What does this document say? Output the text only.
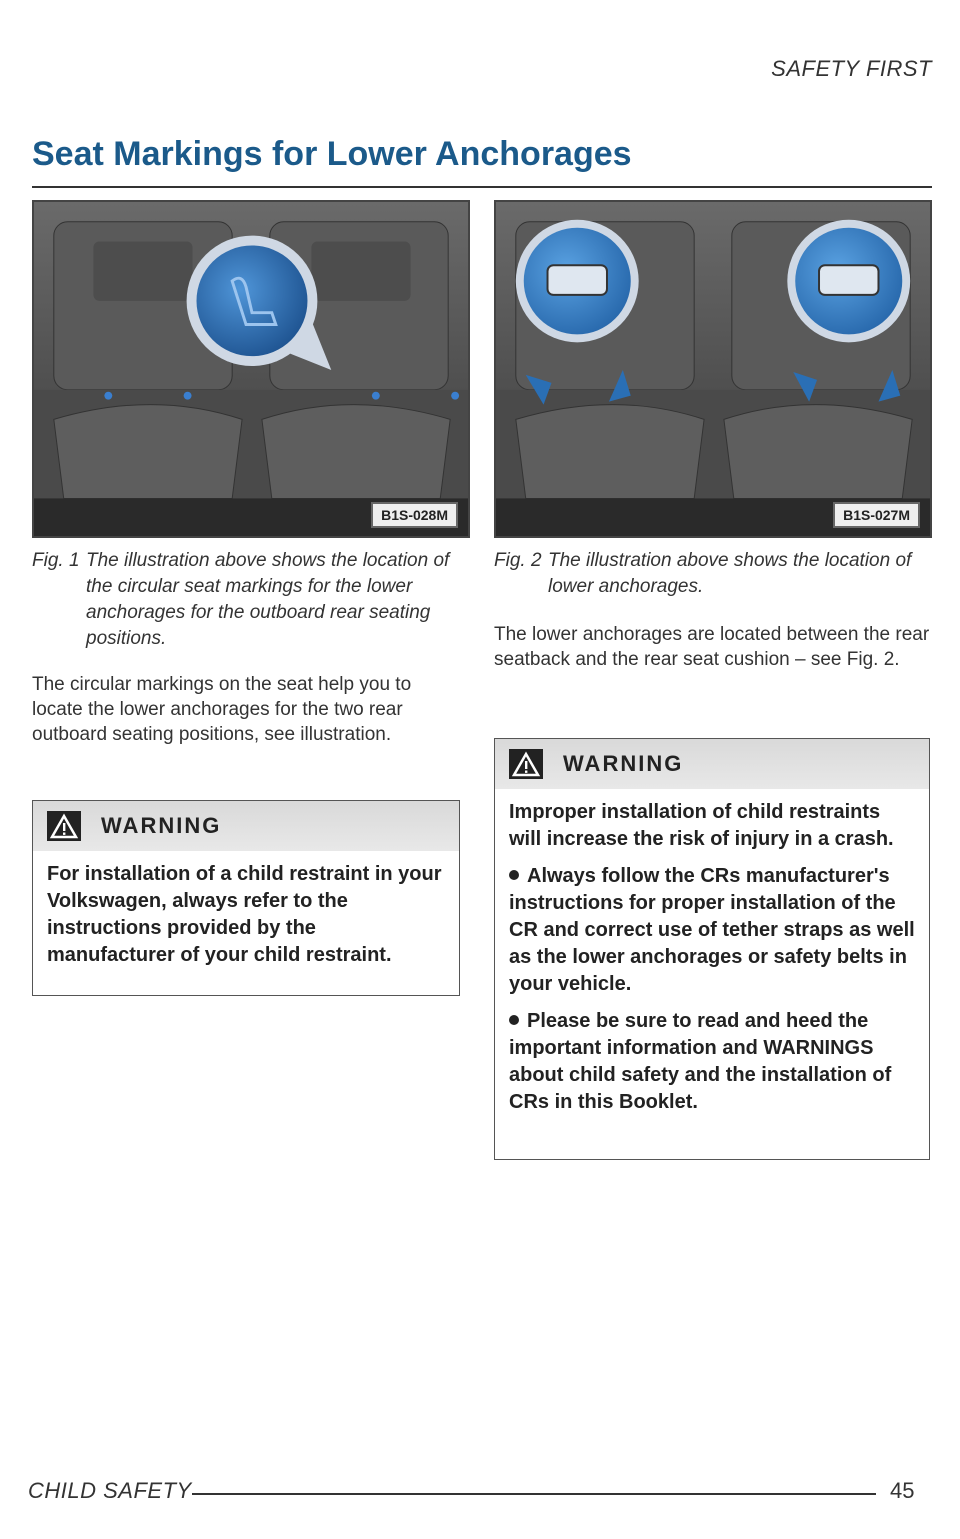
SAFETY FIRST
Seat Markings for Lower Anchorages
B1S-028M	B1S-027M
Fig. 1 The illustration above shows the location of the circular seat markings for the lower anchorages for the outboard rear seating positions.
Fig. 2 The illustration above shows the location of lower anchorages.
The circular markings on the seat help you to locate the lower anchorages for the two rear outboard seating positions, see illustration.
The lower anchorages are located between the rear seatback and the rear seat cushion – see Fig. 2.
WARNING

For installation of a child restraint in your Volkswagen, always refer to the instructions provided by the manufacturer of your child restraint.

WARNING

Improper installation of child restraints will increase the risk of injury in a crash.

Always follow the CRs manufacturer's instructions for proper installation of the CR and correct use of tether straps as well as the lower anchorages or safety belts in your vehicle.

Please be sure to read and heed the important information and WARNINGS about child safety and the installation of CRs in this Booklet.

CHILD SAFETY	45
